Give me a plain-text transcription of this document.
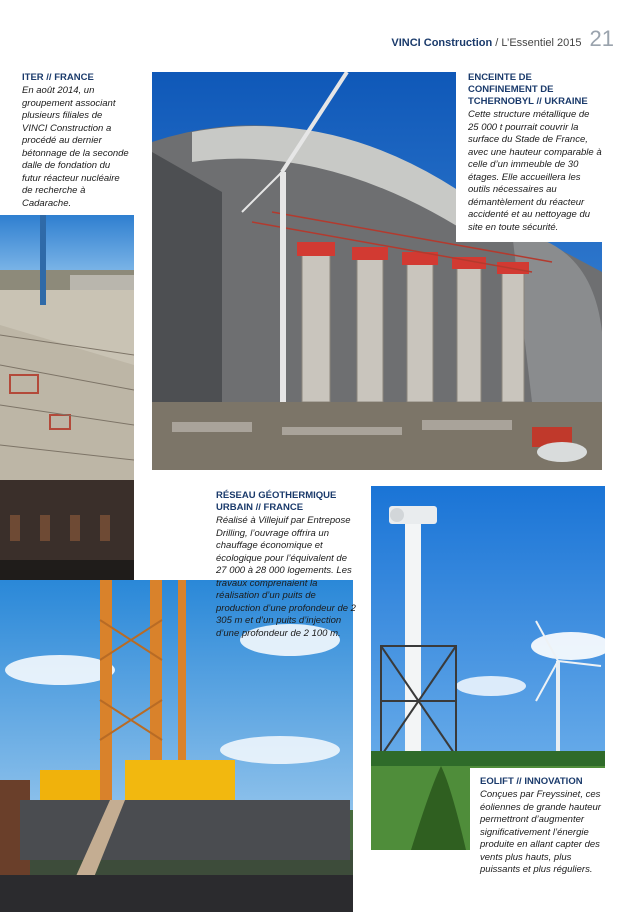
VINCI Construction / L’Essentiel 2015 21
ITER // FRANCE
En août 2014, un groupement associant plusieurs filiales de VINCI Construction a procédé au dernier bétonnage de la seconde dalle de fondation du futur réacteur nucléaire de recherche à Cadarache.
ENCEINTE DE CONFINEMENT DE TCHERNOBYL // UKRAINE
Cette structure métallique de 25 000 t pourrait couvrir la surface du Stade de France, avec une hauteur comparable à celle d’un immeuble de 30 étages. Elle accueillera les outils nécessaires au démantèlement du réacteur accidenté et au nettoyage du site en toute sécurité.
RÉSEAU GÉOTHERMIQUE URBAIN // FRANCE
Réalisé à Villejuif par Entrepose Drilling, l’ouvrage offrira un chauffage économique et écologique pour l’équivalent de 27 000 à 28 000 logements. Les travaux comprenaient la réalisation d’un puits de production d’une profondeur de 2 305 m et d’un puits d’injection d’une profondeur de 2 100 m.
EOLIFT // INNOVATION
Conçues par Freyssinet, ces éoliennes de grande hauteur permettront d’augmenter significativement l’énergie produite en allant capter des vents plus hauts, plus puissants et plus réguliers.
